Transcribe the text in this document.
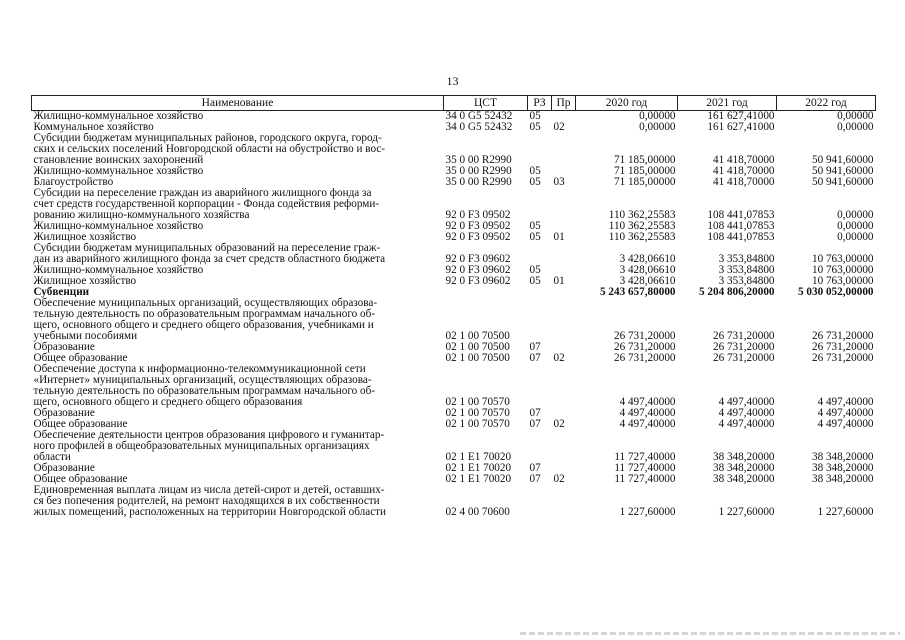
13
Наименование	ЦСТ	РЗ	Пр	2020 год	2021 год	2022 год

Жилищно-коммунальное хозяйство	34 0 G5 52432	05		0,00000	161 627,41000	0,00000

Коммунальное хозяйство	34 0 G5 52432	05	02	0,00000	161 627,41000	0,00000

Субсидии бюджетам муниципальных районов, городского округа, город-
ских и сельских поселений Новгородской области на обустройство и вос-
становление воинских захоронений	35 0 00 R2990			71 185,00000	41 418,70000	50 941,60000

Жилищно-коммунальное хозяйство	35 0 00 R2990	05		71 185,00000	41 418,70000	50 941,60000

Благоустройство	35 0 00 R2990	05	03	71 185,00000	41 418,70000	50 941,60000

Субсидии на переселение граждан из аварийного жилищного фонда за
счет средств государственной корпорации - Фонда содействия реформи-
рованию жилищно-коммунального хозяйства	92 0 F3 09502			110 362,25583	108 441,07853	0,00000

Жилищно-коммунальное хозяйство	92 0 F3 09502	05		110 362,25583	108 441,07853	0,00000

Жилищное хозяйство	92 0 F3 09502	05	01	110 362,25583	108 441,07853	0,00000

Субсидии бюджетам муниципальных образований на переселение граж-
дан из аварийного жилищного фонда за счет средств областного бюджета	92 0 F3 09602			3 428,06610	3 353,84800	10 763,00000

Жилищно-коммунальное хозяйство	92 0 F3 09602	05		3 428,06610	3 353,84800	10 763,00000

Жилищное хозяйство	92 0 F3 09602	05	01	3 428,06610	3 353,84800	10 763,00000

Субвенции				5 243 657,80000	5 204 806,20000	5 030 052,00000

Обеспечение муниципальных организаций, осуществляющих образова-
тельную деятельность по образовательным программам начального об-
щего, основного общего и среднего общего образования, учебниками и
учебными пособиями	02 1 00 70500			26 731,20000	26 731,20000	26 731,20000

Образование	02 1 00 70500	07		26 731,20000	26 731,20000	26 731,20000

Общее образование	02 1 00 70500	07	02	26 731,20000	26 731,20000	26 731,20000

Обеспечение доступа к информационно-телекоммуникационной сети
«Интернет» муниципальных организаций, осуществляющих образова-
тельную деятельность по образовательным программам начального об-
щего, основного общего и среднего общего образования	02 1 00 70570			4 497,40000	4 497,40000	4 497,40000

Образование	02 1 00 70570	07		4 497,40000	4 497,40000	4 497,40000

Общее образование	02 1 00 70570	07	02	4 497,40000	4 497,40000	4 497,40000

Обеспечение деятельности центров образования цифрового и гуманитар-
ного профилей в общеобразовательных муниципальных организациях
области	02 1 E1 70020			11 727,40000	38 348,20000	38 348,20000

Образование	02 1 E1 70020	07		11 727,40000	38 348,20000	38 348,20000

Общее образование	02 1 E1 70020	07	02	11 727,40000	38 348,20000	38 348,20000

Единовременная выплата лицам из числа детей-сирот и детей, оставших-
ся без попечения родителей, на ремонт находящихся в их собственности
жилых помещений, расположенных на территории Новгородской области	02 4 00 70600			1 227,60000	1 227,60000	1 227,60000
